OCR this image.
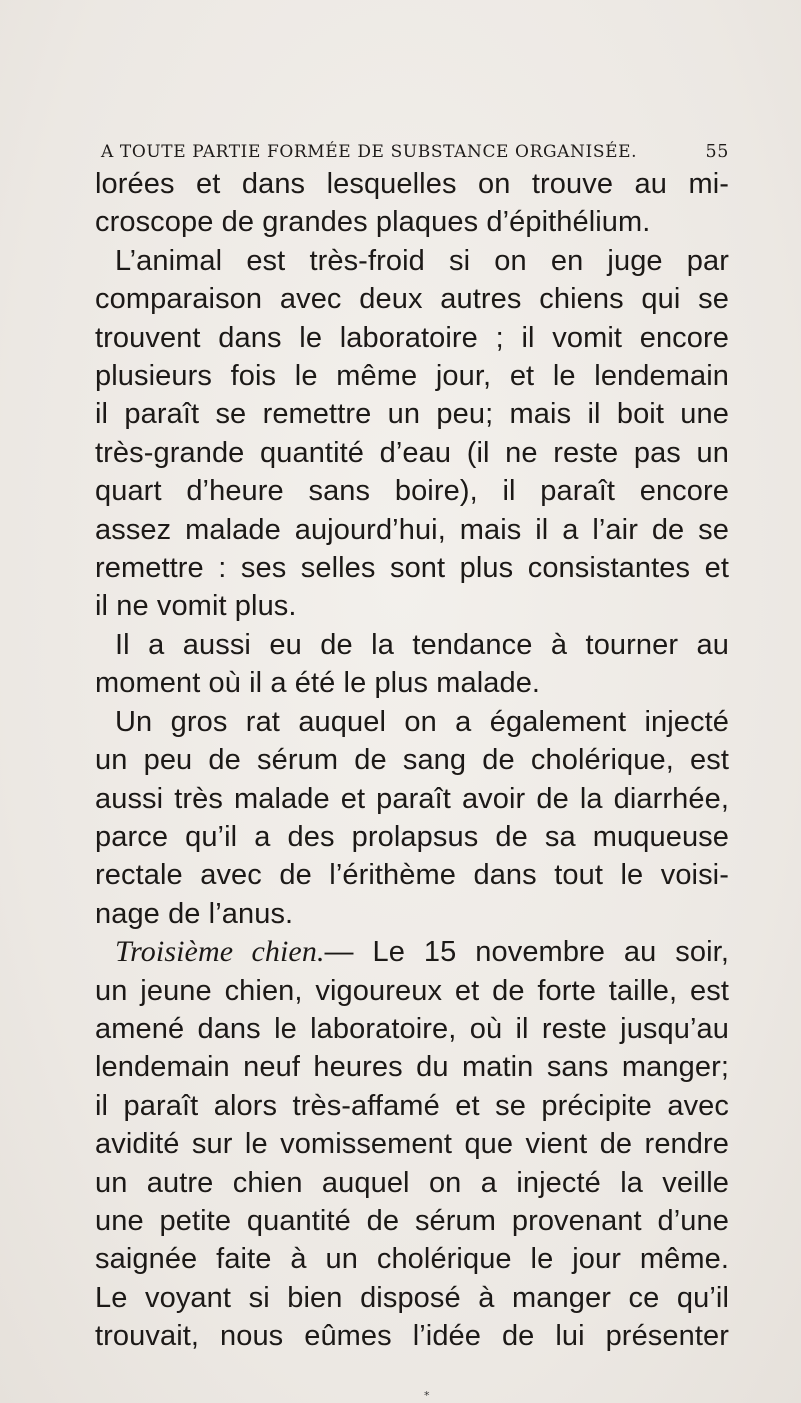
A TOUTE PARTIE FORMÉE DE SUBSTANCE ORGANISÉE.	55
lorées et dans lesquelles on trouve au mi-
croscope de grandes plaques d’épithélium.
L’animal est très-froid si on en juge par
comparaison avec deux autres chiens qui se
trouvent dans le laboratoire ; il vomit encore
plusieurs fois le même jour, et le lendemain
il paraît se remettre un peu; mais il boit une
très-grande quantité d’eau (il ne reste pas un
quart d’heure sans boire), il paraît encore
assez malade aujourd’hui, mais il a l’air de se
remettre : ses selles sont plus consistantes et
il ne vomit plus.
Il a aussi eu de la tendance à tourner au
moment où il a été le plus malade.
Un gros rat auquel on a également injecté
un peu de sérum de sang de cholérique, est
aussi très malade et paraît avoir de la diarrhée,
parce qu’il a des prolapsus de sa muqueuse
rectale avec de l’érithème dans tout le voisi-
nage de l’anus.
Troisième chien.— Le 15 novembre au soir,
un jeune chien, vigoureux et de forte taille, est
amené dans le laboratoire, où il reste jusqu’au
lendemain neuf heures du matin sans manger;
il paraît alors très-affamé et se précipite avec
avidité sur le vomissement que vient de rendre
un autre chien auquel on a injecté la veille
une petite quantité de sérum provenant d’une
saignée faite à un cholérique le jour même.
Le voyant si bien disposé à manger ce qu’il
trouvait, nous eûmes l’idée de lui présenter
*
